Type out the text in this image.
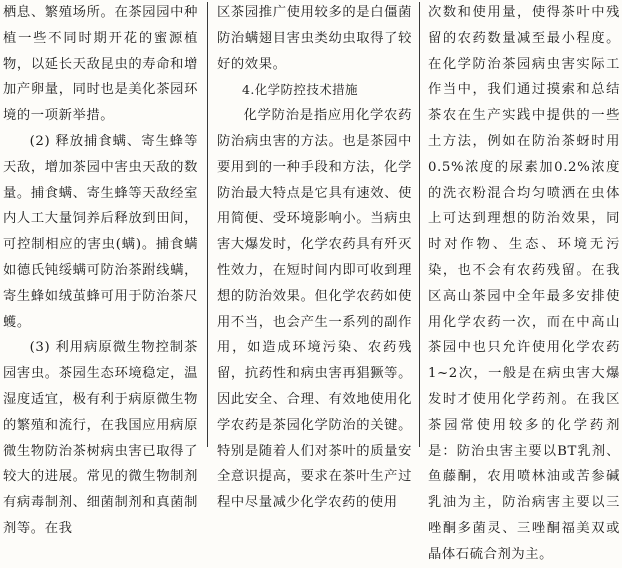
栖息、繁殖场所。在茶园园中种植一些不同时期开花的蜜源植物，以延长天敌昆虫的寿命和增加产卵量，同时也是美化茶园环境的一项新举措。

(2) 释放捕食螨、寄生蜂等天敌，增加茶园中害虫天敌的数量。捕食螨、寄生蜂等天敌经室内人工大量饲养后释放到田间，可控制相应的害虫(螨)。捕食螨如德氏钝绥螨可防治茶跗线螨，寄生蜂如绒茧蜂可用于防治茶尺蠖。

(3) 利用病原微生物控制茶园害虫。茶园生态环境稳定，温湿度适宜，极有利于病原微生物的繁殖和流行，在我国应用病原微生物防治茶树病虫害已取得了较大的进展。常见的微生物制剂有病毒制剂、细菌制剂和真菌制剂等。在我

区茶园推广使用较多的是白僵菌防治螨翅目害虫类幼虫取得了较好的效果。

4.化学防控技术措施

化学防治是指应用化学农药防治病虫害的方法。也是茶园中要用到的一种手段和方法，化学防治最大特点是它具有速效、使用简便、受环境影响小。当病虫害大爆发时，化学农药具有歼灭性效力，在短时间内即可收到理想的防治效果。但化学农药如使用不当，也会产生一系列的副作用，如造成环境污染、农药残留，抗药性和病虫害再猖獗等。因此安全、合理、有效地使用化学农药是茶园化学防治的关键。特别是随着人们对茶叶的质量安全意识提高，要求在茶叶生产过程中尽量减少化学农药的使用

次数和使用量，使得茶叶中残留的农药数量减至最小程度。在化学防治茶园病虫害实际工作当中，我们通过摸索和总结茶农在生产实践中提供的一些土方法，例如在防治茶蚜时用0.5%浓度的尿素加0.2%浓度的洗衣粉混合均匀喷洒在虫体上可达到理想的防治效果，同时对作物、生态、环境无污染，也不会有农药残留。在我区高山茶园中全年最多安排使用化学农药一次，而在中高山茶园中也只允许使用化学农药1~2次，一般是在病虫害大爆发时才使用化学药剂。在我区茶园常使用较多的化学药剂是：防治虫害主要以BT乳剂、鱼藤酮，农用喷林油或苦参碱乳油为主，防治病害主要以三唑酮多菌灵、三唑酮福美双或晶体石硫合剂为主。
